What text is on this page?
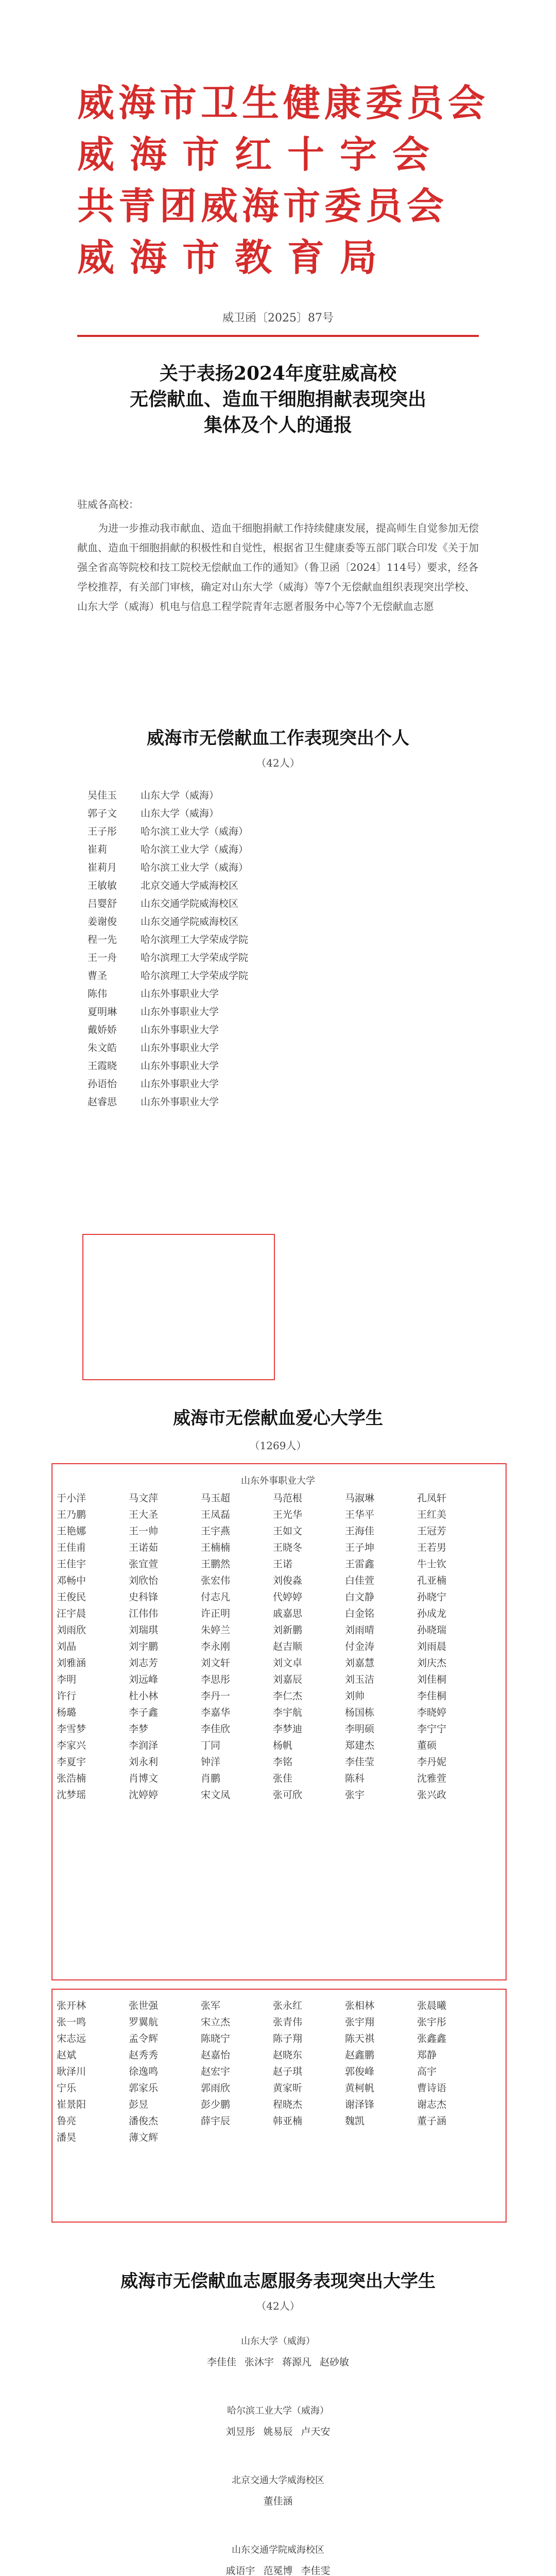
威海市卫生健康委员会
威海市红十字会
共青团威海市委员会
威海市教育局
威卫函〔2025〕87号
关于表扬2024年度驻威高校
无偿献血、造血干细胞捐献表现突出
集体及个人的通报

驻威各高校：

为进一步推动我市献血、造血干细胞捐献工作持续健康发展，提高师生自觉参加无偿献血、造血干细胞捐献的积极性和自觉性，根据省卫生健康委等五部门联合印发《关于加强全省高等院校和技工院校无偿献血工作的通知》（鲁卫函〔2024〕114号）要求，经各学校推荐，有关部门审核，确定对山东大学（威海）等7个无偿献血组织表现突出学校、山东大学（威海）机电与信息工程学院青年志愿者服务中心等7个无偿献血志愿

威海市无偿献血工作表现突出个人
（42人）
吴佳玉	山东大学（威海）
郭子文	山东大学（威海）
王子彤	哈尔滨工业大学（威海）
崔莉	哈尔滨工业大学（威海）
崔莉月	哈尔滨工业大学（威海）
王敏敏	北京交通大学威海校区
吕婴舒	山东交通学院威海校区
姜谢俊	山东交通学院威海校区
程一先	哈尔滨理工大学荣成学院
王一舟	哈尔滨理工大学荣成学院
曹圣	哈尔滨理工大学荣成学院
陈伟	山东外事职业大学
夏明琳	山东外事职业大学
戴娇娇	山东外事职业大学
朱文皓	山东外事职业大学
王霞晓	山东外事职业大学
孙语怡	山东外事职业大学
赵睿思	山东外事职业大学
威海市无偿献血爱心大学生
（1269人）
山东外事职业大学
于小洋	马文萍	马玉超	马范根	马淑琳	孔凤轩
王乃鹏	王大圣	王凤磊	王光华	王华平	王红美
王艳娜	王一帅	王宇燕	王如文	王海佳	王冠芳
王佳甫	王诺茹	王楠楠	王晓冬	王子坤	王若男
王佳宇	张宜萱	王鹏然	王诺	王雷鑫	牛士钦
邓畅中	刘欣怡	张宏伟	刘俊淼	白佳萱	孔亚楠
王俊民	史科锋	付志凡	代婷婷	白文静	孙晓宁
汪宇晨	江伟伟	许正明	戚嘉思	白金铭	孙成龙
刘雨欣	刘瑞琪	朱婷兰	刘新鹏	刘雨晴	孙晓瑞
刘晶	刘宇鹏	李永刚	赵吉顺	付金涛	刘雨晨
刘雅涵	刘志芳	刘文轩	刘文卓	刘嘉慧	刘庆杰
李明	刘远峰	李思彤	刘嘉辰	刘玉洁	刘佳桐
许行	杜小林	李丹一	李仁杰	刘帅	李佳桐
杨璐	李子鑫	李嘉华	李宇航	杨国栋	李晓婷
李雪梦	李梦	李佳欣	李梦迪	李明硕	李宁宁
李家兴	李润泽	丁同	杨帆	郑建杰	董硕
李夏宇	刘永利	钟洋	李铭	李佳莹	李丹妮
张浩楠	肖博文	肖鹏	张佳	陈科	沈雅萱
沈梦瑶	沈婷婷	宋文凤	张可欣	张宇	张兴政
张开林	张世强	张军	张永红	张相林	张晨曦
张一鸣	罗翼航	宋立杰	张青伟	张宇翔	张宇彤
宋志远	孟令辉	陈晓宁	陈子翔	陈天祺	张鑫鑫
赵斌	赵秀秀	赵嘉怡	赵晓东	赵鑫鹏	郑静
耿泽川	徐逸鸣	赵宏宇	赵子琪	郭俊峰	高宇
宁乐	郭家乐	郭雨欣	黄家昕	黄柯帆	曹诗语
崔景阳	彭昱	彭少鹏	程晓杰	谢泽锋	谢志杰
鲁亮	潘俊杰	薛宇辰	韩亚楠	魏凯	董子涵
潘昊	薄文辉
威海市无偿献血志愿服务表现突出大学生
（42人）
山东大学（威海）
李佳佳 张沐宇 蒋源凡 赵砂敏
哈尔滨工业大学（威海）
刘昱彤 姚易辰 卢天安
北京交通大学威海校区
董佳涵
山东交通学院威海校区
戚语宇 范冕博 李佳雯
